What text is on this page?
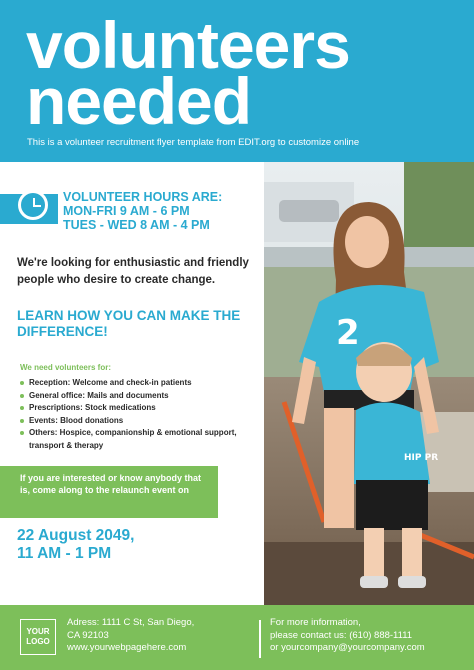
volunteers
needed
This is a volunteer recruitment flyer template from EDIT.org to customize online
VOLUNTEER HOURS ARE:
MON-FRI 9 AM - 6 PM
TUES - WED 8 AM - 4 PM
We're looking for enthusiastic and friendly people who desire to create change.
LEARN HOW YOU CAN MAKE THE DIFFERENCE!
We need volunteers for:
Reception: Welcome and check-in patients
General office: Mails and documents
Prescriptions: Stock medications
Events: Blood donations
Others: Hospice, companionship & emotional support, transport & therapy
If you are interested or know anybody that is, come along to the relaunch event on
22 August 2049,
11 AM - 1 PM
2
HIP PR
YOUR
LOGO
Adress: 1111 C St, San Diego,
CA 92103
www.yourwebpagehere.com
For more information,
please contact us: (610) 888-1111
or yourcompany@yourcompany.com
